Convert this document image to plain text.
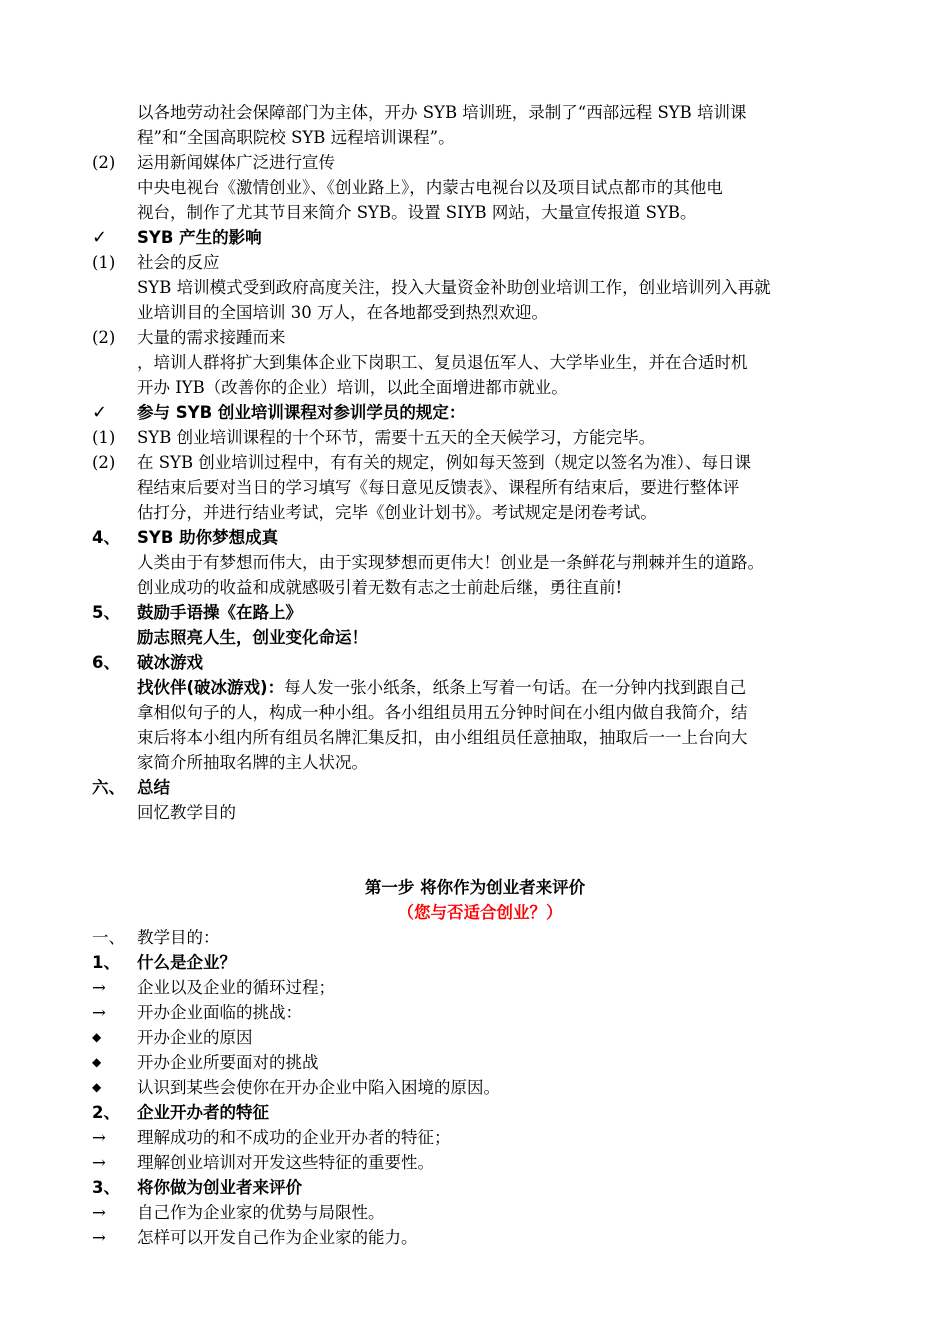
以各地劳动社会保障部门为主体，开办 SYB 培训班，录制了“西部远程 SYB 培训课
程”和“全国高职院校 SYB 远程培训课程”。
(2)	运用新闻媒体广泛进行宣传
中央电视台《激情创业》、《创业路上》，内蒙古电视台以及项目试点都市的其他电
视台，制作了尤其节目来简介 SYB。设置 SIYB 网站，大量宣传报道 SYB。
✓	SYB 产生的影响
(1)	社会的反应
SYB 培训模式受到政府高度关注，投入大量资金补助创业培训工作，创业培训列入再就
业培训目的全国培训 30 万人，在各地都受到热烈欢迎。
(2)	大量的需求接踵而来
，培训人群将扩大到集体企业下岗职工、复员退伍军人、大学毕业生，并在合适时机
开办 IYB（改善你的企业）培训，以此全面增进都市就业。
✓	参与 SYB 创业培训课程对参训学员的规定：
(1)	SYB 创业培训课程的十个环节，需要十五天的全天候学习，方能完毕。
(2)	在 SYB 创业培训过程中，有有关的规定，例如每天签到（规定以签名为准）、每日课
程结束后要对当日的学习填写《每日意见反馈表》、课程所有结束后，要进行整体评
估打分，并进行结业考试，完毕《创业计划书》。考试规定是闭卷考试。
4、	SYB 助你梦想成真
人类由于有梦想而伟大，由于实现梦想而更伟大！创业是一条鲜花与荆棘并生的道路。
创业成功的收益和成就感吸引着无数有志之士前赴后继，勇往直前!
5、	鼓励手语操《在路上》
励志照亮人生，创业变化命运！
6、	破冰游戏
找伙伴(破冰游戏)：每人发一张小纸条，纸条上写着一句话。在一分钟内找到跟自己
拿相似句子的人，构成一种小组。各小组组员用五分钟时间在小组内做自我简介，结
束后将本小组内所有组员名牌汇集反扣，由小组组员任意抽取，抽取后一一上台向大
家简介所抽取名牌的主人状况。
六、 总结
回忆教学目的
第一步 将你作为创业者来评价
（您与否适合创业？）
一、 教学目的：
1、	什么是企业？
→	企业以及企业的循环过程；
→	开办企业面临的挑战：
◆	开办企业的原因
◆	开办企业所要面对的挑战
◆	认识到某些会使你在开办企业中陷入困境的原因。
2、	企业开办者的特征
→	理解成功的和不成功的企业开办者的特征；
→	理解创业培训对开发这些特征的重要性。
3、	将你做为创业者来评价
→	自己作为企业家的优势与局限性。
→	怎样可以开发自己作为企业家的能力。
